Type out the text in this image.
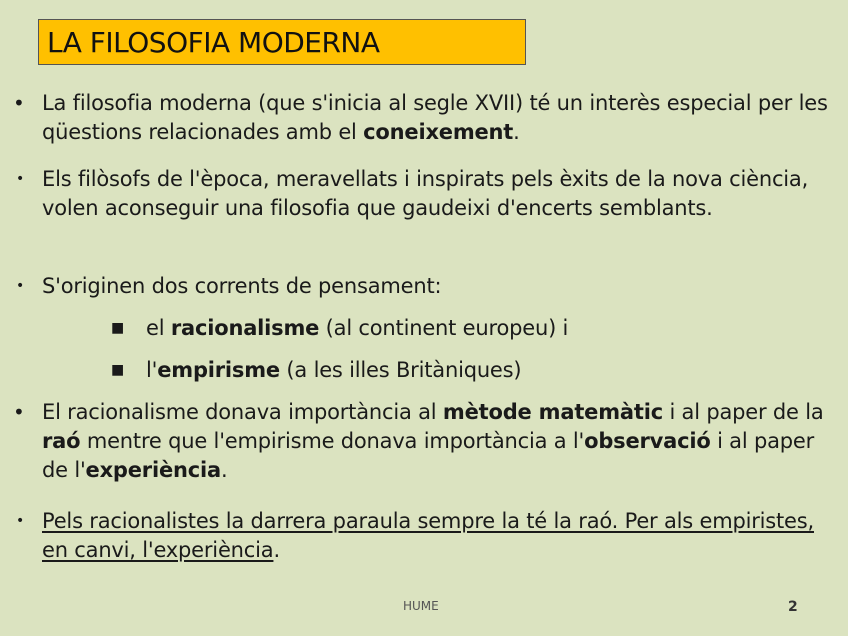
LA FILOSOFIA MODERNA
• La filosofia moderna (que s'inicia al segle XVII) té un interès especial per les qüestions relacionades amb el coneixement.
• Els filòsofs de l'època, meravellats i inspirats pels èxits de la nova ciència, volen aconseguir una filosofia que gaudeixi d'encerts semblants.
• S'originen dos corrents de pensament:
■ el racionalisme (al continent europeu) i
■ l'empirisme (a les illes Britàniques)
• El racionalisme donava importància al mètode matemàtic i al paper de la raó mentre que l'empirisme donava importància a l'observació i al paper de l'experiència.
• Pels racionalistes la darrera paraula sempre la té la raó. Per als empiristes, en canvi, l'experiència.
HUME	2
